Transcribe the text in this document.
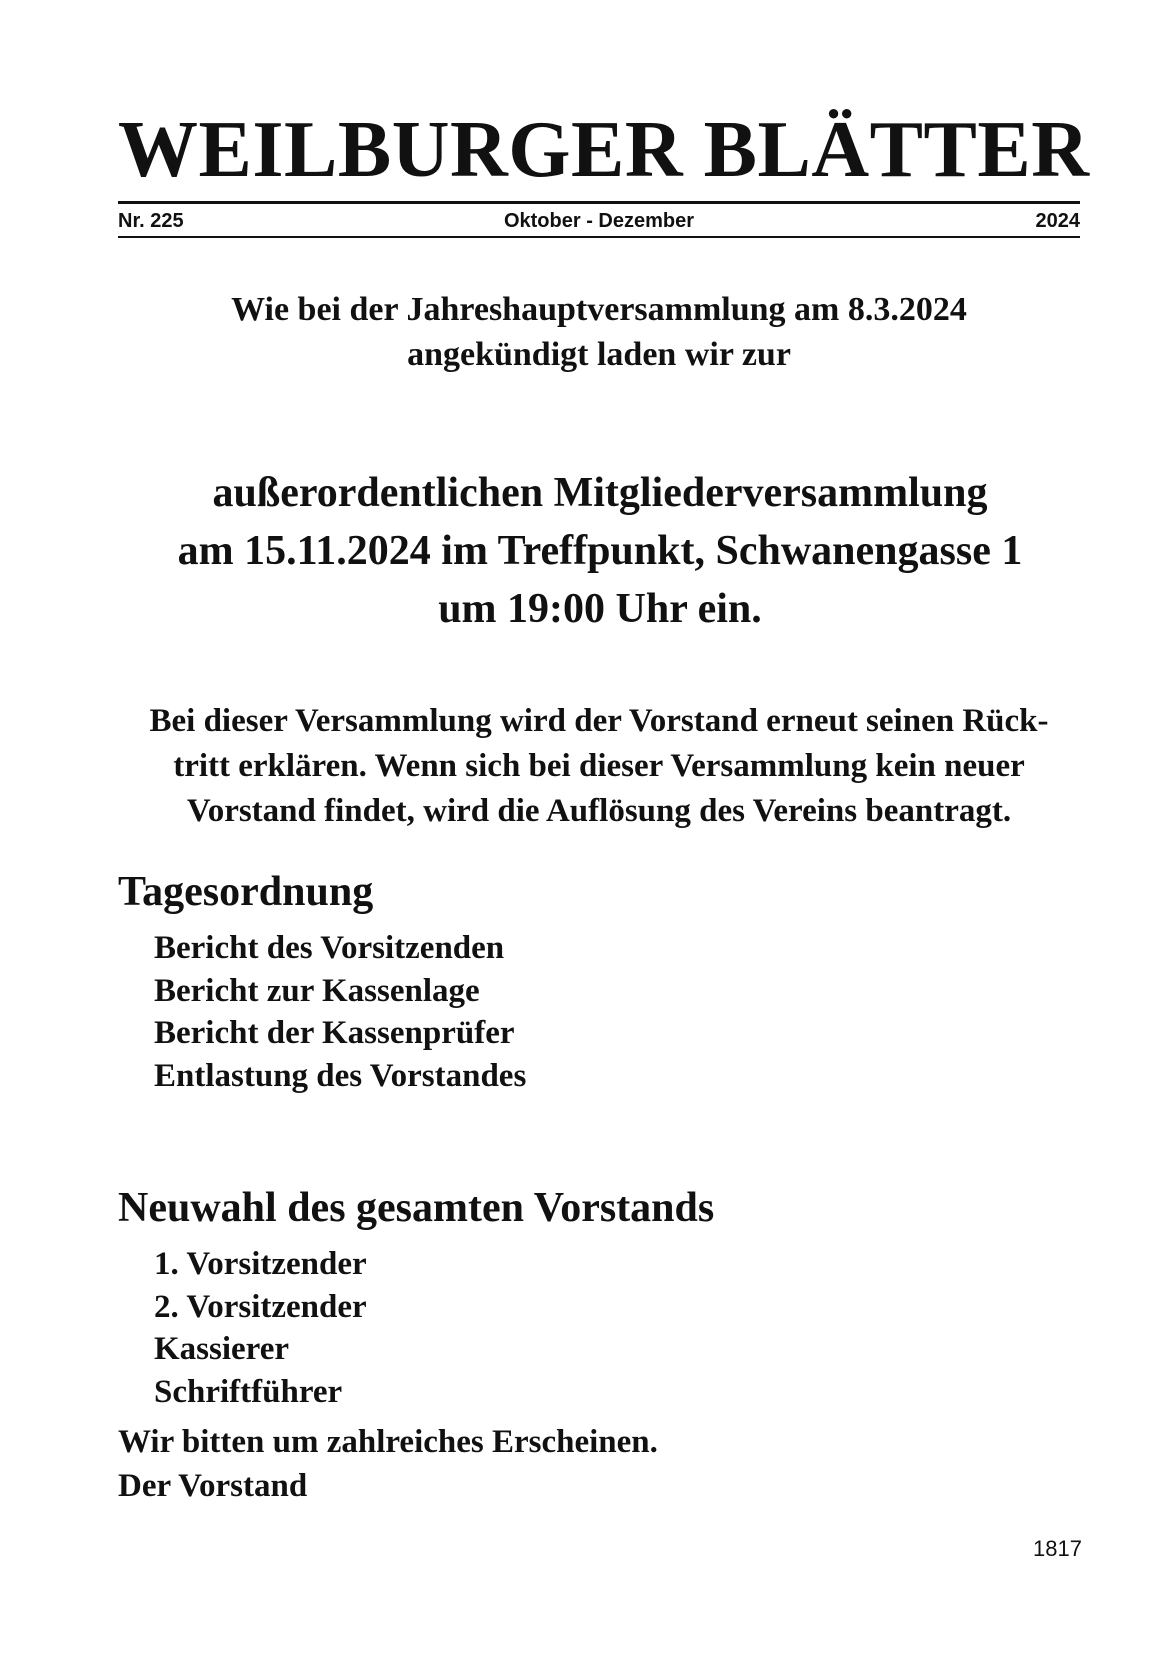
WEILBURGER BLÄTTER
Nr. 225	Oktober - Dezember	2024
Wie bei der Jahreshauptversammlung am 8.3.2024
angekündigt laden wir zur
außerordentlichen Mitgliederversammlung
am 15.11.2024 im Treffpunkt, Schwanengasse 1
um 19:00 Uhr ein.
Bei dieser Versammlung wird der Vorstand erneut seinen Rück-
tritt erklären. Wenn sich bei dieser Versammlung kein neuer
Vorstand findet, wird die Auflösung des Vereins beantragt.
Tagesordnung
Bericht des Vorsitzenden
Bericht zur Kassenlage
Bericht der Kassenprüfer
Entlastung des Vorstandes
Neuwahl des gesamten Vorstands
1. Vorsitzender
2. Vorsitzender
Kassierer
Schriftführer
Wir bitten um zahlreiches Erscheinen.
Der Vorstand
1817
